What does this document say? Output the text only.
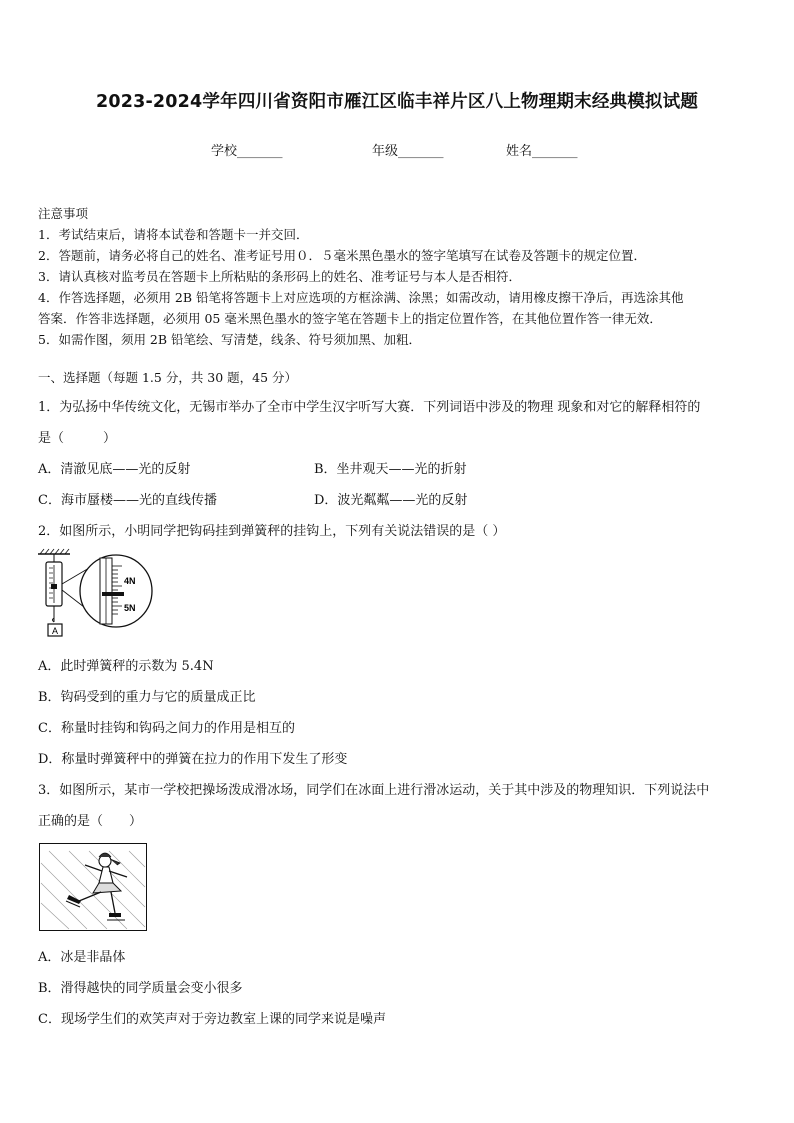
2023-2024学年四川省资阳市雁江区临丰祥片区八上物理期末经典模拟试题
学校_______	年级_______	姓名_______
注意事项
1．考试结束后，请将本试卷和答题卡一并交回．
2．答题前，请务必将自己的姓名、准考证号用０．５毫米黑色墨水的签字笔填写在试卷及答题卡的规定位置．
3．请认真核对监考员在答题卡上所粘贴的条形码上的姓名、准考证号与本人是否相符．
4．作答选择题，必须用 2B 铅笔将答题卡上对应选项的方框涂满、涂黑；如需改动，请用橡皮擦干净后，再选涂其他
答案．作答非选择题，必须用 05 毫米黑色墨水的签字笔在答题卡上的指定位置作答，在其他位置作答一律无效．
5．如需作图，须用 2B 铅笔绘、写清楚，线条、符号须加黑、加粗．
一、选择题（每题 1.5 分，共 30 题，45 分）
1．为弘扬中华传统文化，无锡市举办了全市中学生汉字听写大赛．下列词语中涉及的物理 现象和对它的解释相符的
是（　　　）
A．清澈见底——光的反射	B．坐井观天——光的折射
C．海市蜃楼——光的直线传播	D．波光粼粼——光的反射
2．如图所示，小明同学把钩码挂到弹簧秤的挂钩上，下列有关说法错误的是（ ）
A
4N
5N
A．此时弹簧秤的示数为 5.4N
B．钩码受到的重力与它的质量成正比
C．称量时挂钩和钩码之间力的作用是相互的
D．称量时弹簧秤中的弹簧在拉力的作用下发生了形变
3．如图所示，某市一学校把操场泼成滑冰场，同学们在冰面上进行滑冰运动，关于其中涉及的物理知识．下列说法中
正确的是（　　）
A．冰是非晶体
B．滑得越快的同学质量会变小很多
C．现场学生们的欢笑声对于旁边教室上课的同学来说是噪声
